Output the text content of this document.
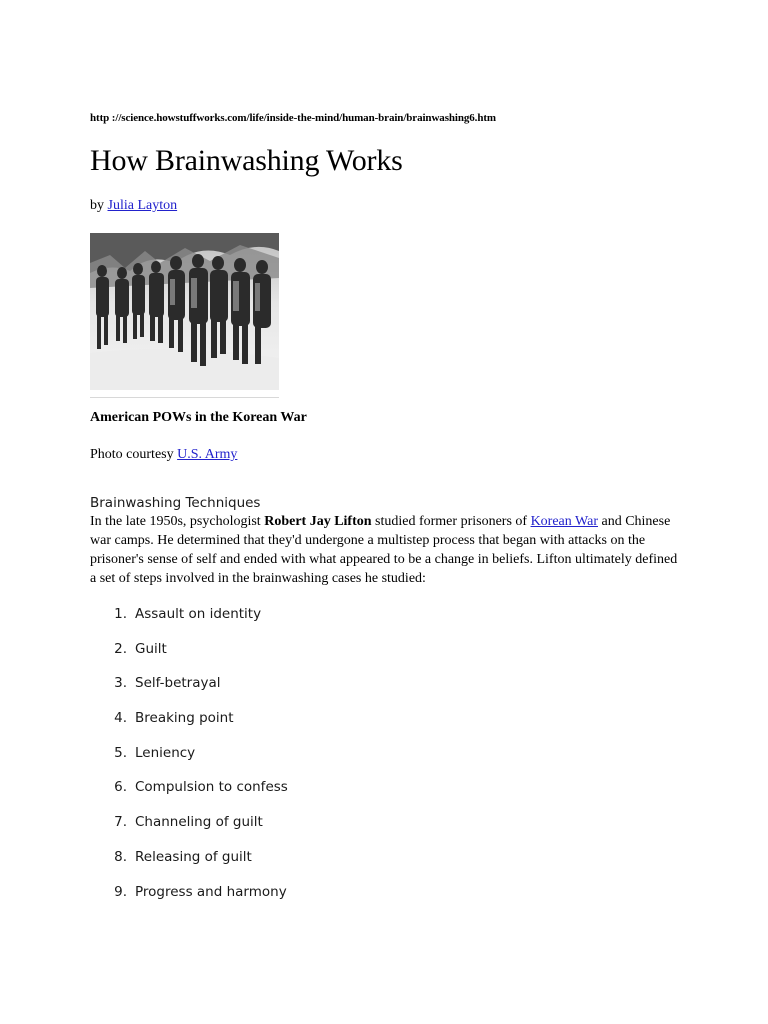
http ://science.howstuffworks.com/life/inside-the-mind/human-brain/brainwashing6.htm
How Brainwashing Works
by Julia Layton
American POWs in the Korean War
Photo courtesy U.S. Army
Brainwashing Techniques

In the late 1950s, psychologist Robert Jay Lifton studied former prisoners of Korean War and Chinese war camps. He determined that they'd undergone a multistep process that began with attacks on the prisoner's sense of self and ended with what appeared to be a change in beliefs. Lifton ultimately defined a set of steps involved in the brainwashing cases he studied:

1. Assault on identity
2. Guilt
3. Self-betrayal
4. Breaking point
5. Leniency
6. Compulsion to confess
7. Channeling of guilt
8. Releasing of guilt
9. Progress and harmony
